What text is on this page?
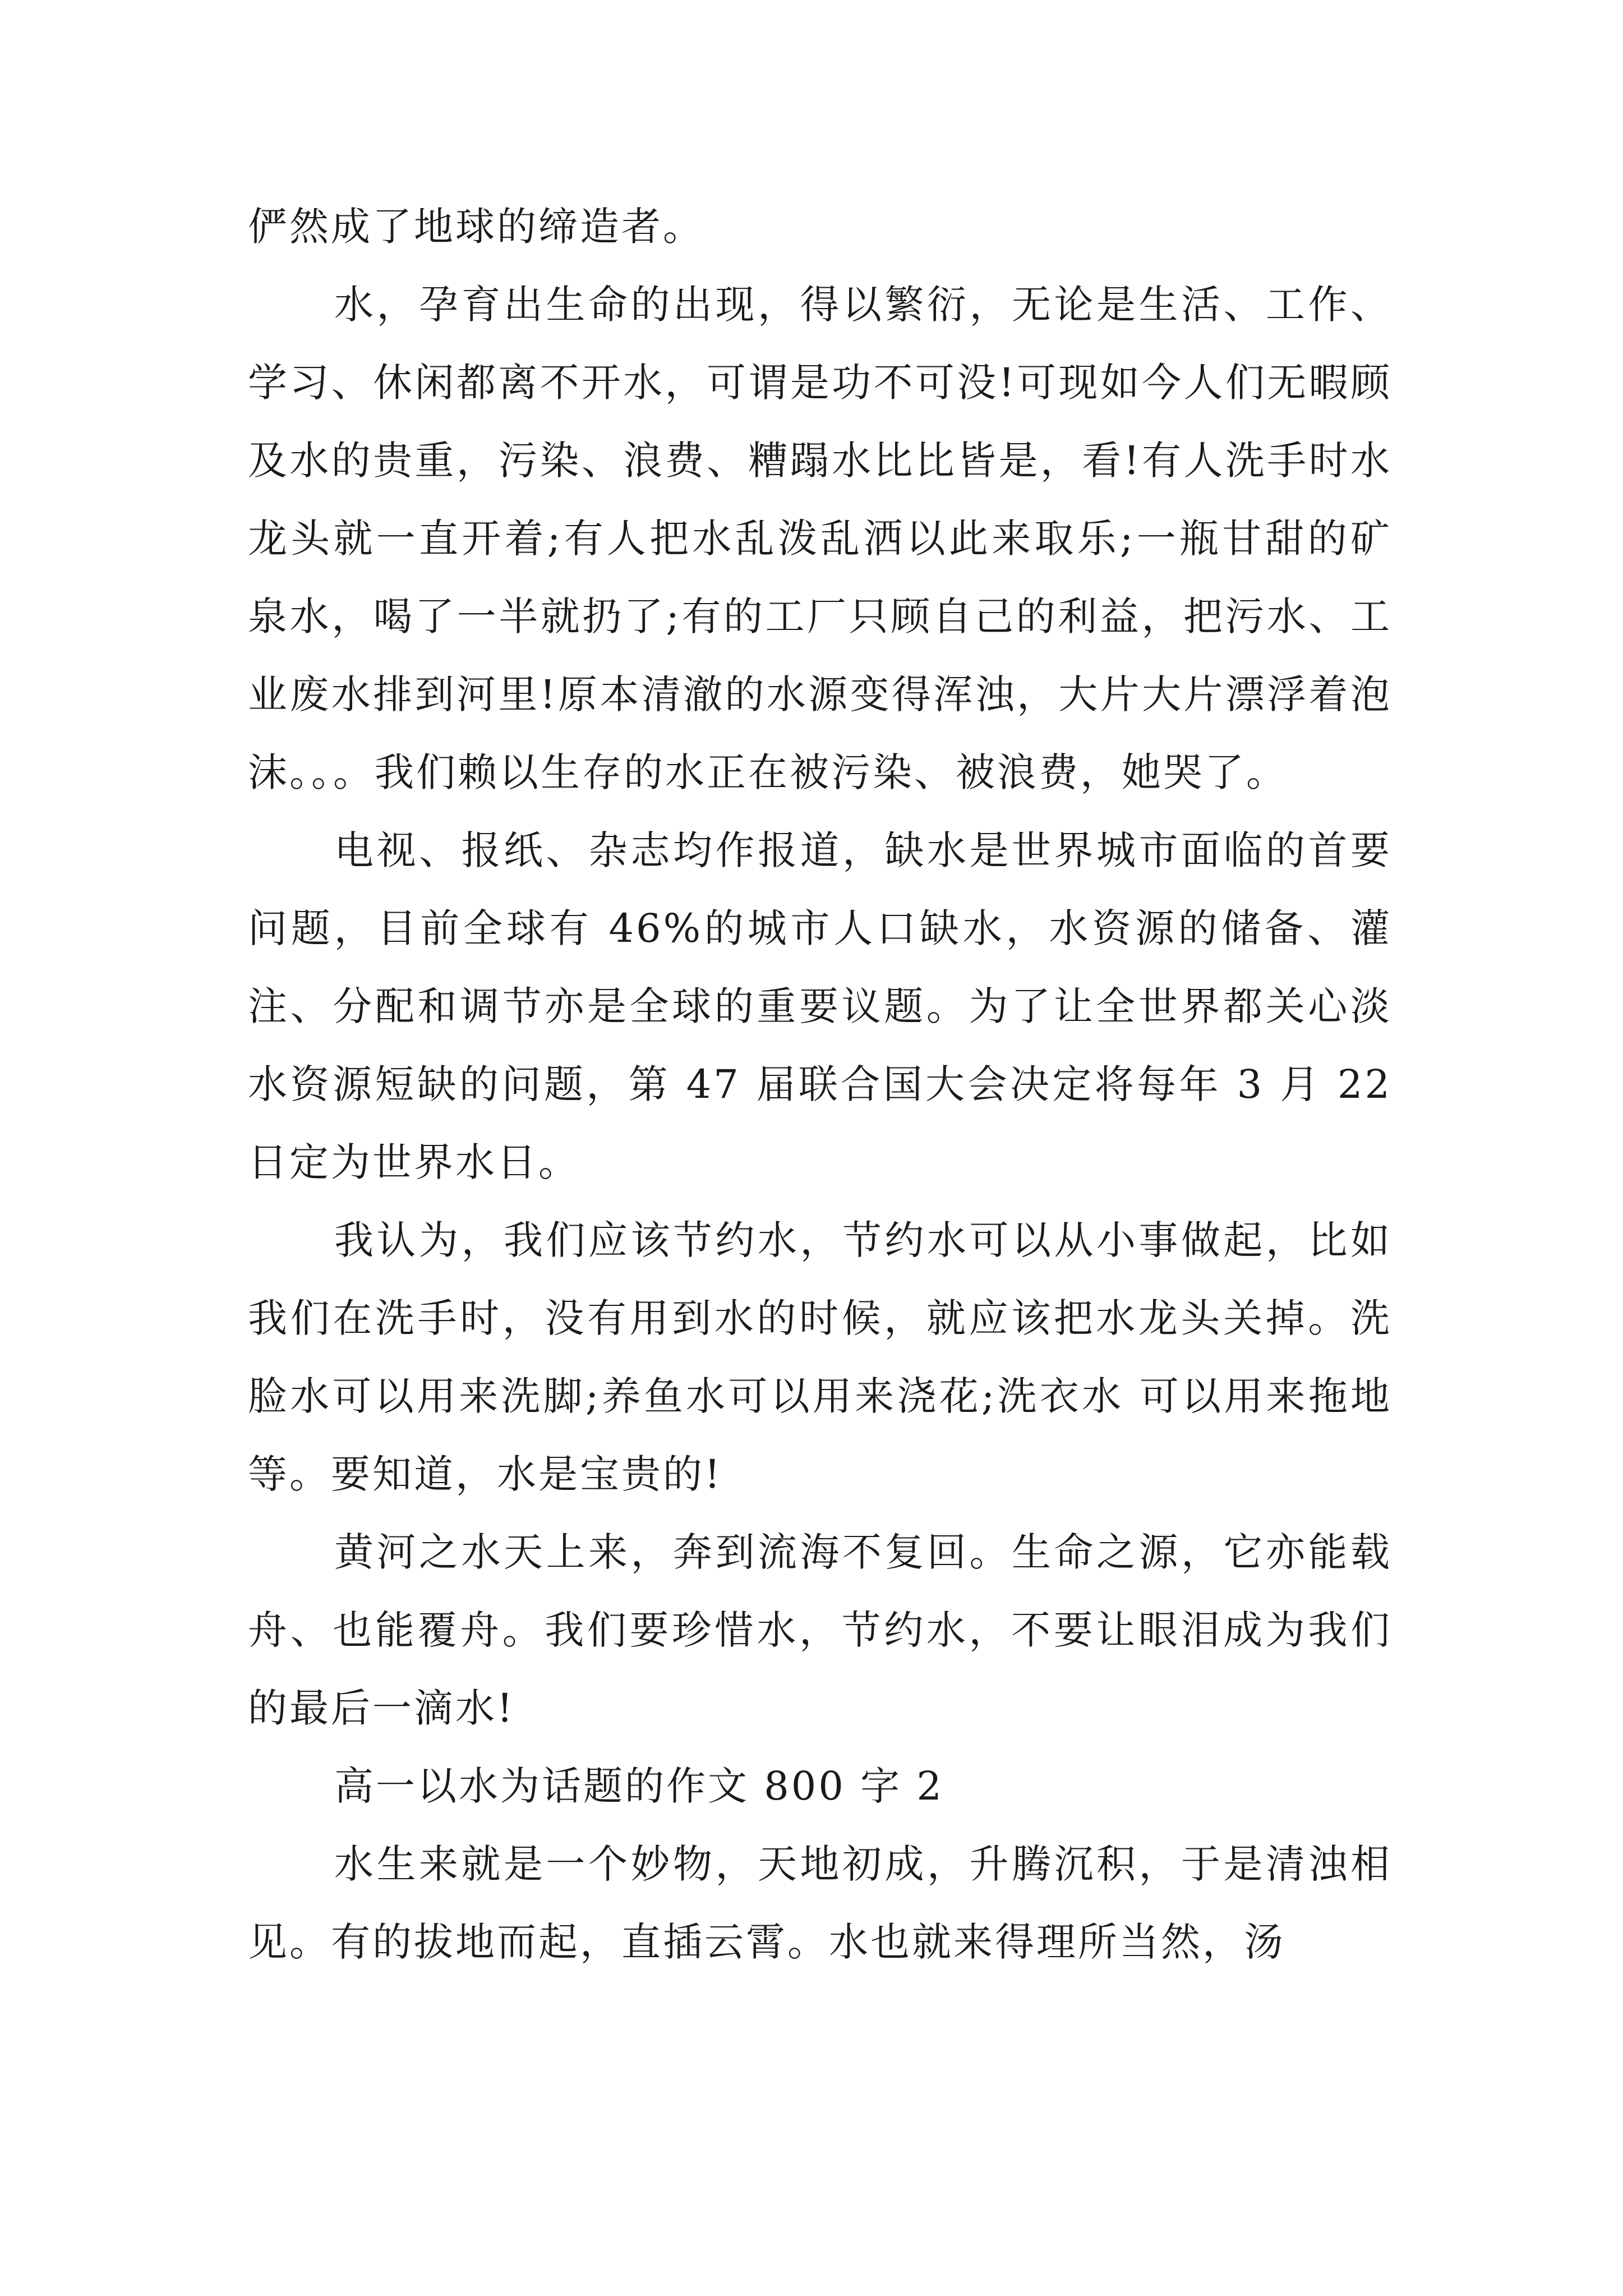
俨然成了地球的缔造者。

水，孕育出生命的出现，得以繁衍，无论是生活、工作、学习、休闲都离不开水，可谓是功不可没!可现如今人们无暇顾及水的贵重，污染、浪费、糟蹋水比比皆是，看!有人洗手时水龙头就一直开着;有人把水乱泼乱洒以此来取乐;一瓶甘甜的矿泉水，喝了一半就扔了;有的工厂只顾自己的利益，把污水、工业废水排到河里!原本清澈的水源变得浑浊，大片大片漂浮着泡沫。。。我们赖以生存的水正在被污染、被浪费，她哭了。

电视、报纸、杂志均作报道，缺水是世界城市面临的首要问题，目前全球有 46%的城市人口缺水，水资源的储备、灌注、分配和调节亦是全球的重要议题。为了让全世界都关心淡水资源短缺的问题，第 47 届联合国大会决定将每年 3 月 22 日定为世界水日。

我认为，我们应该节约水，节约水可以从小事做起，比如我们在洗手时，没有用到水的时候，就应该把水龙头关掉。洗脸水可以用来洗脚;养鱼水可以用来浇花;洗衣水 可以用来拖地等。要知道，水是宝贵的!

黄河之水天上来，奔到流海不复回。生命之源，它亦能载舟、也能覆舟。我们要珍惜水，节约水，不要让眼泪成为我们的最后一滴水!

高一以水为话题的作文 800 字 2

水生来就是一个妙物，天地初成，升腾沉积，于是清浊相见。有的拔地而起，直插云霄。水也就来得理所当然，汤
